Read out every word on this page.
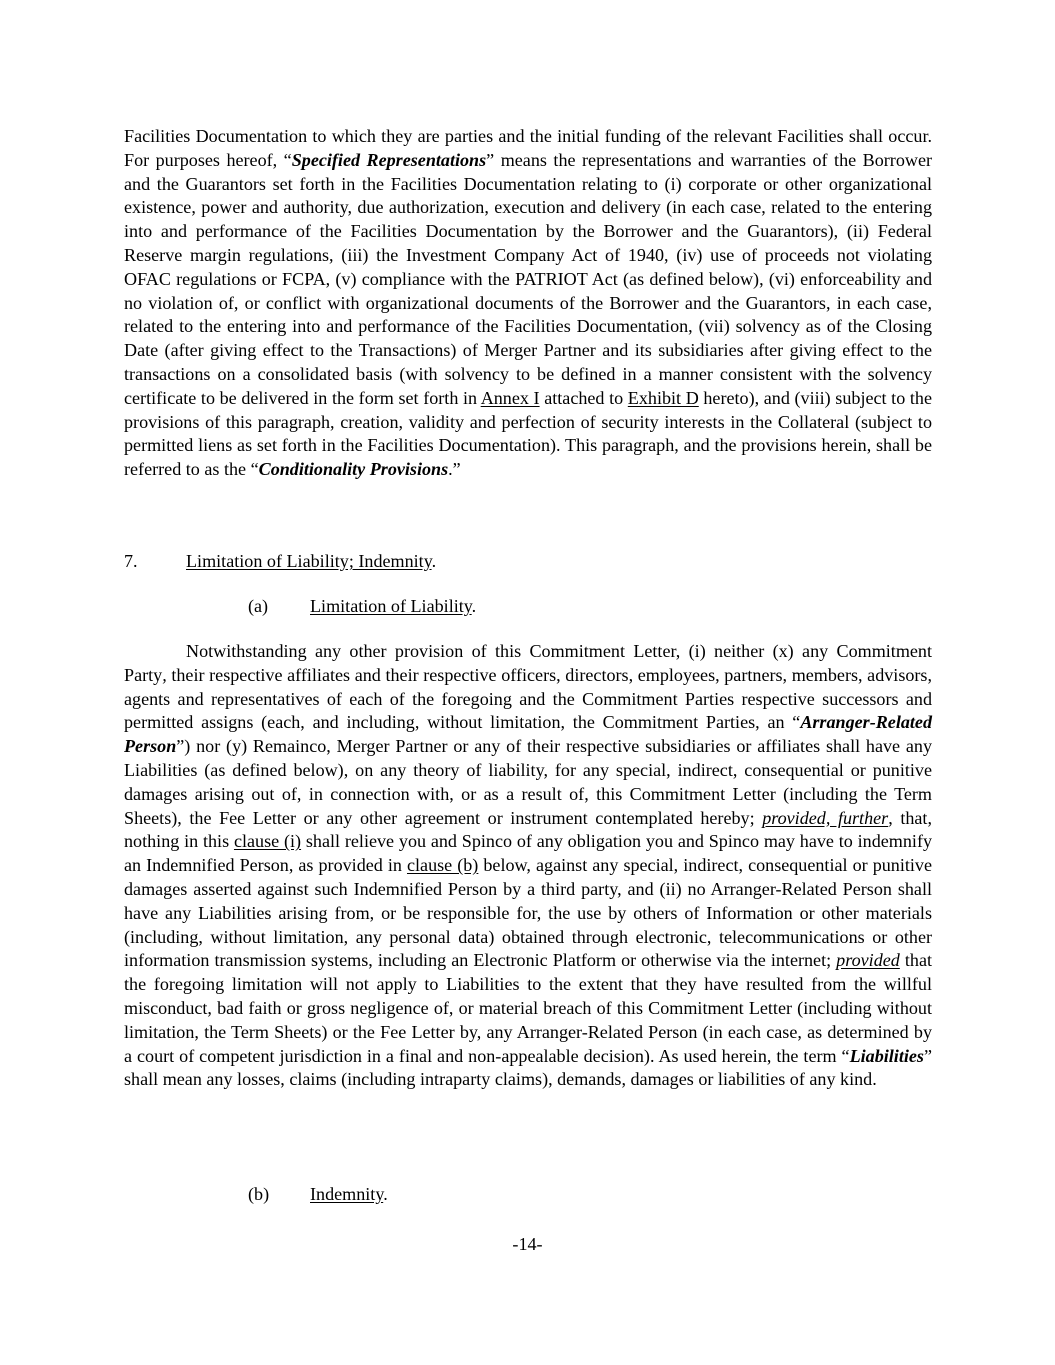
Facilities Documentation to which they are parties and the initial funding of the relevant Facilities shall occur. For purposes hereof, “Specified Representations” means the representations and warranties of the Borrower and the Guarantors set forth in the Facilities Documentation relating to (i) corporate or other organizational existence, power and authority, due authorization, execution and delivery (in each case, related to the entering into and performance of the Facilities Documentation by the Borrower and the Guarantors), (ii) Federal Reserve margin regulations, (iii) the Investment Company Act of 1940, (iv) use of proceeds not violating OFAC regulations or FCPA, (v) compliance with the PATRIOT Act (as defined below), (vi) enforceability and no violation of, or conflict with organizational documents of the Borrower and the Guarantors, in each case, related to the entering into and performance of the Facilities Documentation, (vii) solvency as of the Closing Date (after giving effect to the Transactions) of Merger Partner and its subsidiaries after giving effect to the transactions on a consolidated basis (with solvency to be defined in a manner consistent with the solvency certificate to be delivered in the form set forth in Annex I attached to Exhibit D hereto), and (viii) subject to the provisions of this paragraph, creation, validity and perfection of security interests in the Collateral (subject to permitted liens as set forth in the Facilities Documentation). This paragraph, and the provisions herein, shall be referred to as the “Conditionality Provisions.”

7.	Limitation of Liability; Indemnity.
(a) Limitation of Liability.

Notwithstanding any other provision of this Commitment Letter, (i) neither (x) any Commitment Party, their respective affiliates and their respective officers, directors, employees, partners, members, advisors, agents and representatives of each of the foregoing and the Commitment Parties respective successors and permitted assigns (each, and including, without limitation, the Commitment Parties, an “Arranger-Related Person”) nor (y) Remainco, Merger Partner or any of their respective subsidiaries or affiliates shall have any Liabilities (as defined below), on any theory of liability, for any special, indirect, consequential or punitive damages arising out of, in connection with, or as a result of, this Commitment Letter (including the Term Sheets), the Fee Letter or any other agreement or instrument contemplated hereby; provided, further, that, nothing in this clause (i) shall relieve you and Spinco of any obligation you and Spinco may have to indemnify an Indemnified Person, as provided in clause (b) below, against any special, indirect, consequential or punitive damages asserted against such Indemnified Person by a third party, and (ii) no Arranger-Related Person shall have any Liabilities arising from, or be responsible for, the use by others of Information or other materials (including, without limitation, any personal data) obtained through electronic, telecommunications or other information transmission systems, including an Electronic Platform or otherwise via the internet; provided that the foregoing limitation will not apply to Liabilities to the extent that they have resulted from the willful misconduct, bad faith or gross negligence of, or material breach of this Commitment Letter (including without limitation, the Term Sheets) or the Fee Letter by, any Arranger-Related Person (in each case, as determined by a court of competent jurisdiction in a final and non-appealable decision). As used herein, the term “Liabilities” shall mean any losses, claims (including intraparty claims), demands, damages or liabilities of any kind.

(b) Indemnity.
-14-
